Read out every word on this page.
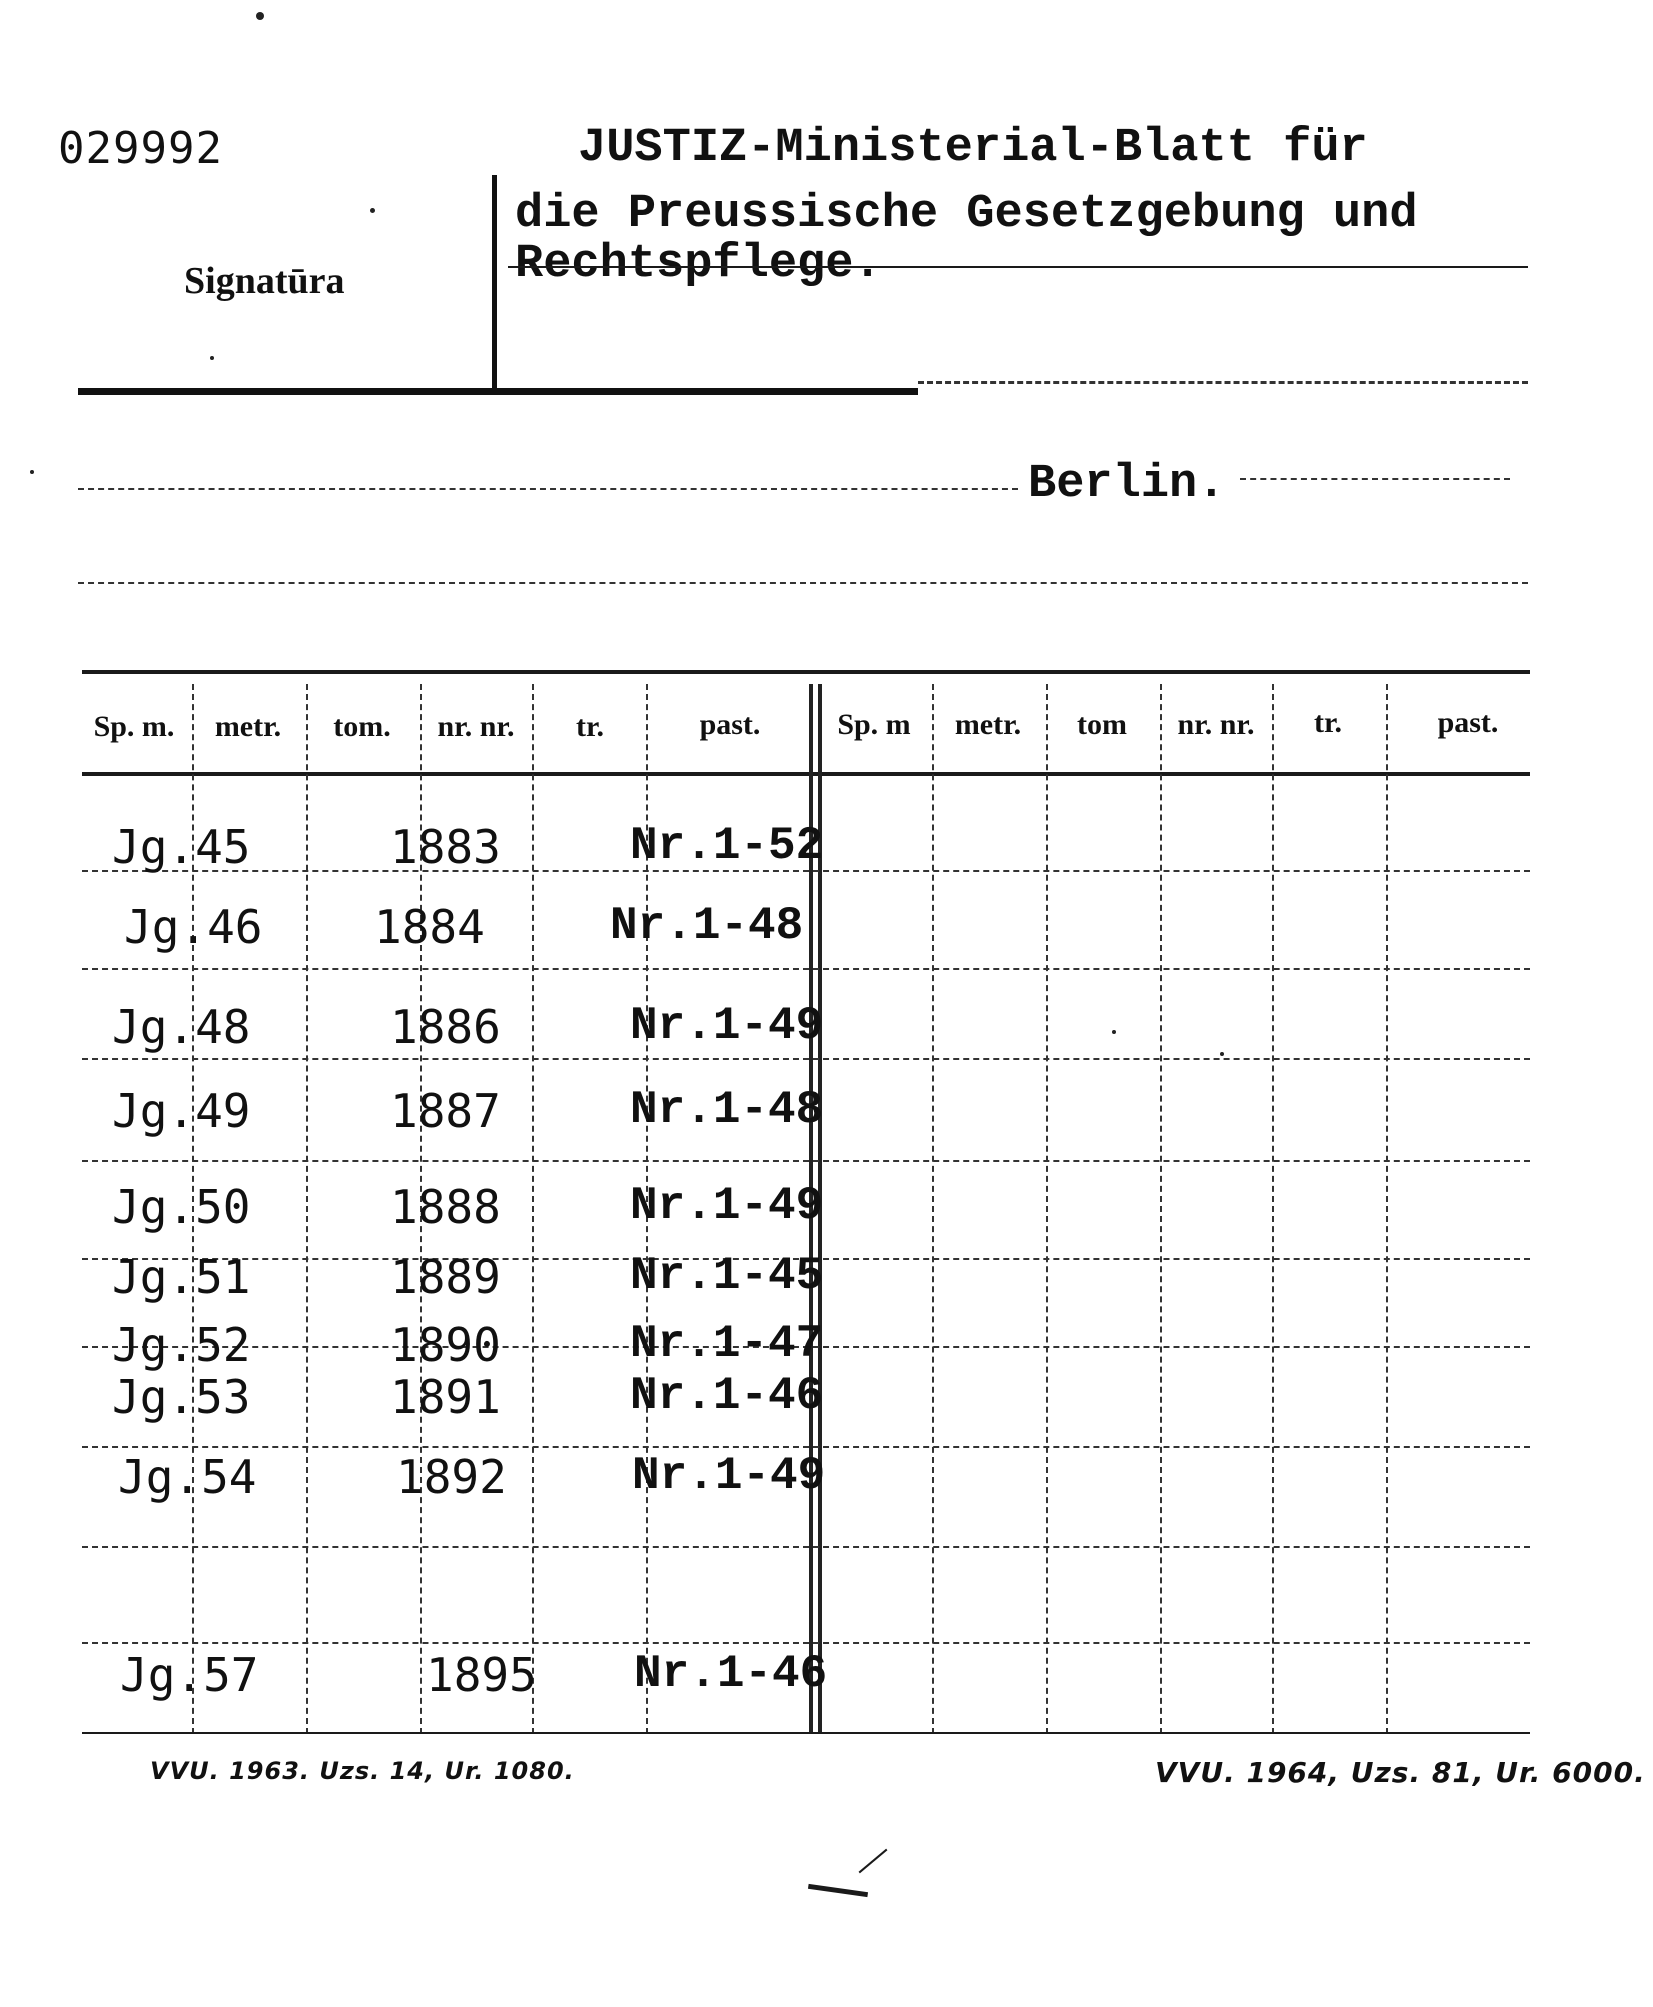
029992
Signatūra
JUSTIZ-Ministerial-Blatt für
die Preussische Gesetzgebung und
Rechtspflege.
Berlin.
Sp. m.	metr.	tom.	nr. nr.	tr.	past.	Sp. m	metr.	tom	nr. nr.	tr.	past.
Jg.45	1883	Nr.1-52
Jg.46 1884	Nr.1-48
Jg.48	1886	Nr.1-49
Jg.49	1887	Nr.1-48
Jg.50	1888	Nr.1-49
Jg.51	1889	Nr.1-45
Jg.52	1890	Nr.1-47
Jg.53	1891	Nr.1-46
Jg.54	1892	Nr.1-49
Jg.57	1895 Nr.1-46
VVU. 1963. Uzs. 14, Ur. 1080.	VVU. 1964, Uzs. 81, Ur. 6000.
